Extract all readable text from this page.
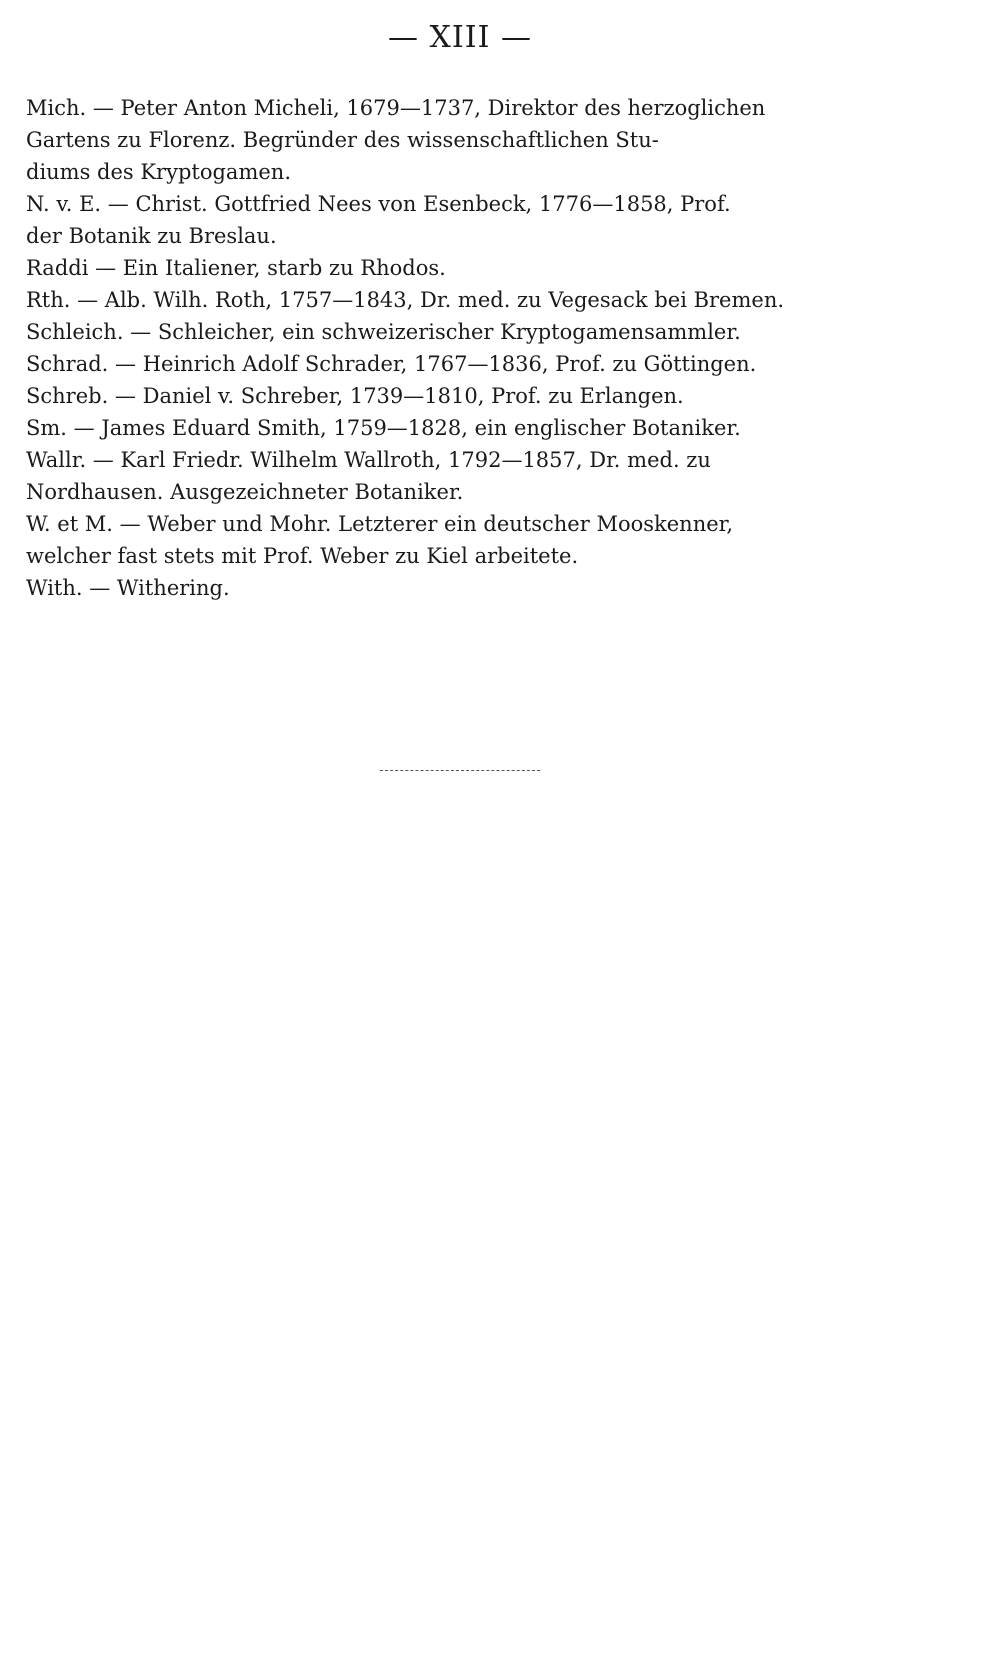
— XIII —
Mich. — Peter Anton Micheli, 1679—1737, Direktor des herzoglichen
Gartens zu Florenz. Begründer des wissenschaftlichen Stu-
diums des Kryptogamen.
N. v. E. — Christ. Gottfried Nees von Esenbeck, 1776—1858, Prof.
der Botanik zu Breslau.
Raddi — Ein Italiener, starb zu Rhodos.
Rth. — Alb. Wilh. Roth, 1757—1843, Dr. med. zu Vegesack bei Bremen.
Schleich. — Schleicher, ein schweizerischer Kryptogamensammler.
Schrad. — Heinrich Adolf Schrader, 1767—1836, Prof. zu Göttingen.
Schreb. — Daniel v. Schreber, 1739—1810, Prof. zu Erlangen.
Sm. — James Eduard Smith, 1759—1828, ein englischer Botaniker.
Wallr. — Karl Friedr. Wilhelm Wallroth, 1792—1857, Dr. med. zu
Nordhausen. Ausgezeichneter Botaniker.
W. et M. — Weber und Mohr. Letzterer ein deutscher Mooskenner,
welcher fast stets mit Prof. Weber zu Kiel arbeitete.
With. — Withering.
